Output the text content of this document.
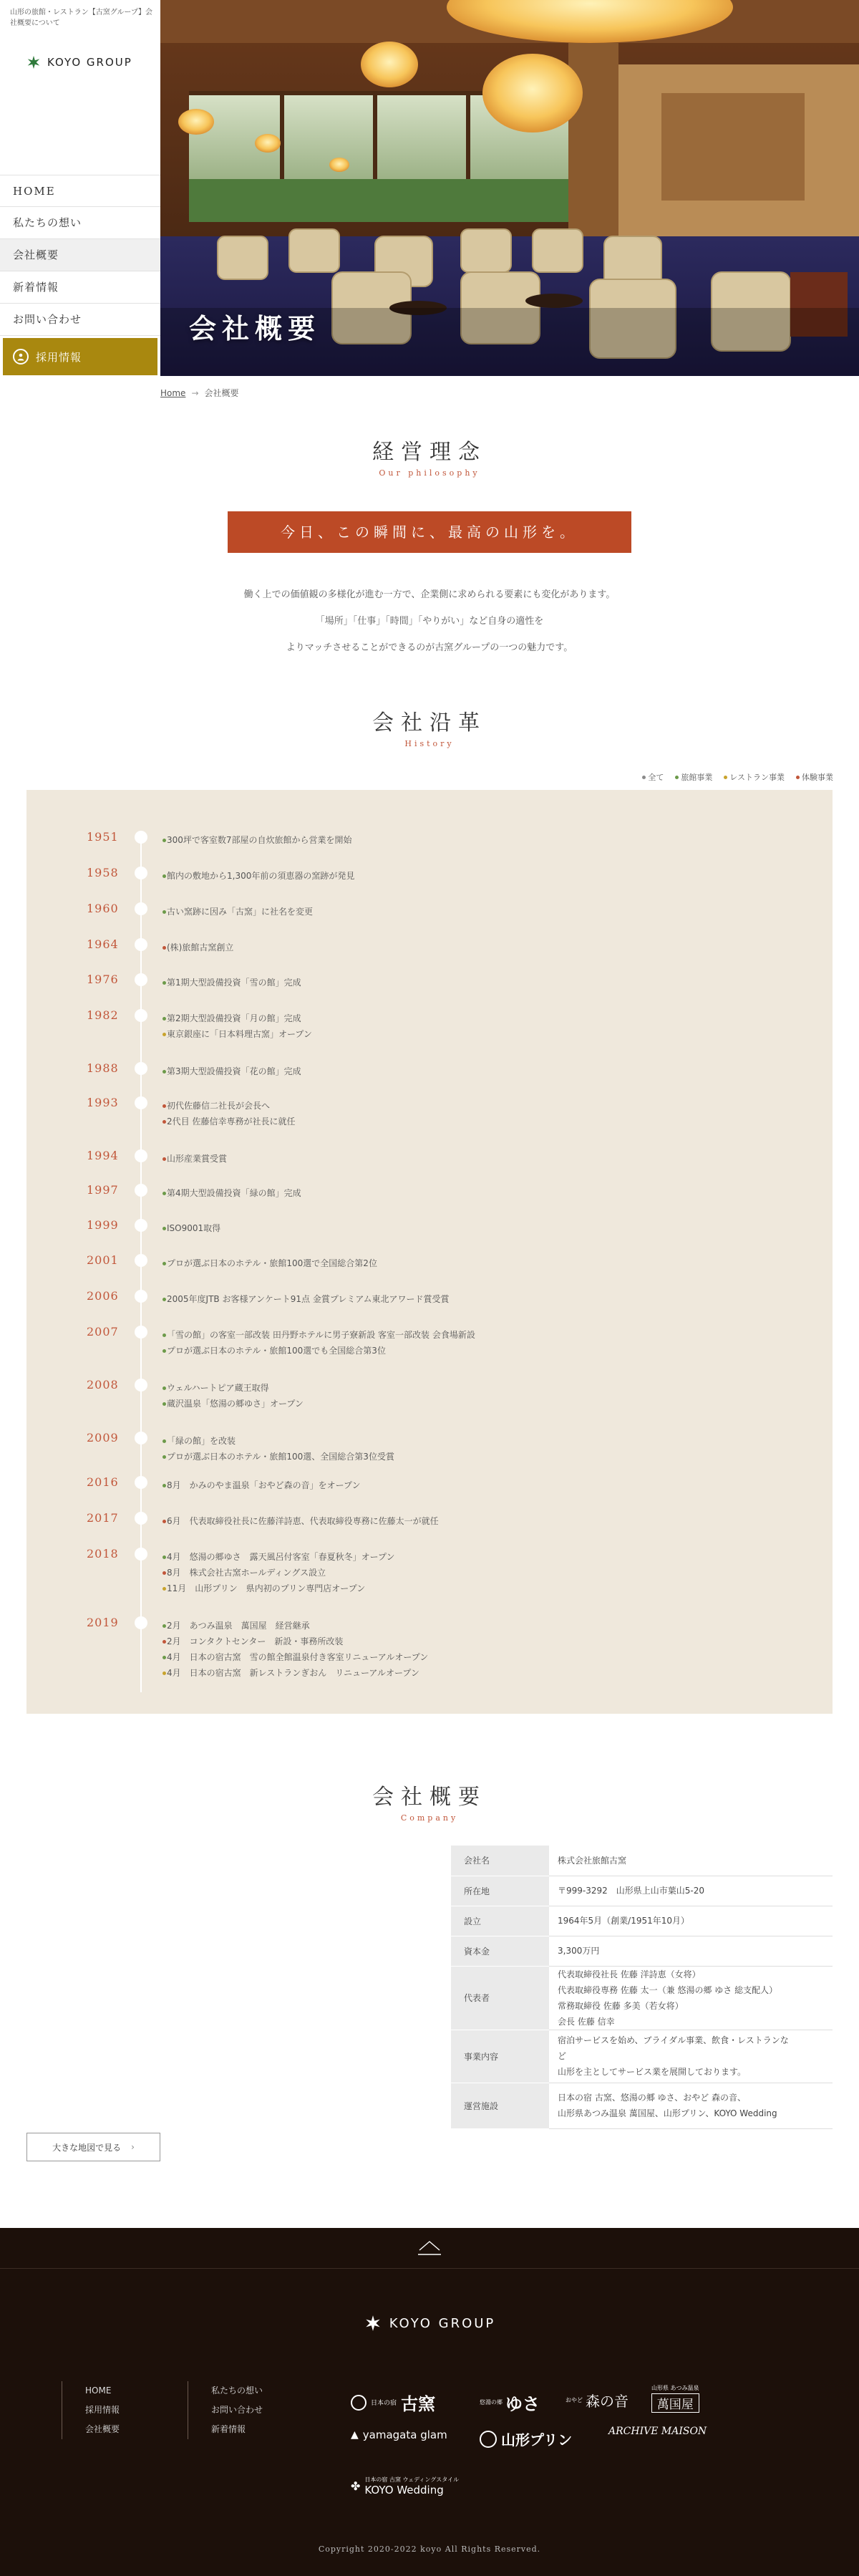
山形の旅館・レストラン【古窯グループ】会社概要について
KOYO GROUP
HOME
私たちの想い
会社概要
新着情報
お問い合わせ
採用情報
会社概要
Home → 会社概要
経営理念
Our philosophy
今日、この瞬間に、最高の山形を。
働く上での価値観の多様化が進む一方で、企業側に求められる要素にも変化があります。
「場所」「仕事」「時間」「やりがい」など自身の適性を
よりマッチさせることができるのが古窯グループの一つの魅力です。
会社沿革
History
全て 旅館事業 レストラン事業 体験事業
1951	300坪で客室数7部屋の自炊旅館から営業を開始
1958	館内の敷地から1,300年前の須恵器の窯跡が発見
1960	古い窯跡に因み「古窯」に社名を変更
1964	(株)旅館古窯創立
1976	第1期大型設備投資「雪の館」完成
1982	第2期大型設備投資「月の館」完成
東京銀座に「日本料理古窯」オープン
1988	第3期大型設備投資「花の館」完成
1993	初代佐藤信二社長が会長へ
2代目 佐藤信幸専務が社長に就任
1994	山形産業賞受賞
1997	第4期大型設備投資「緑の館」完成
1999	ISO9001取得
2001	プロが選ぶ日本のホテル・旅館100選で全国総合第2位
2006	2005年度JTB お客様アンケート91点 金賞プレミアム東北アワード賞受賞
2007	「雪の館」の客室一部改装 田丹野ホテルに男子寮新設 客室一部改装 会食場新設
プロが選ぶ日本のホテル・旅館100選でも全国総合第3位
2008	ウェルハートピア蔵王取得
蔵沢温泉「悠湯の郷ゆさ」オープン
2009	「緑の館」を改装
プロが選ぶ日本のホテル・旅館100選、全国総合第3位受賞
2016	8月　かみのやま温泉「おやど森の音」をオープン
2017	6月　代表取締役社長に佐藤洋詩恵、代表取締役専務に佐藤太一が就任
2018	4月　悠湯の郷ゆさ　露天風呂付客室「春夏秋冬」オープン
8月　株式会社古窯ホールディングス設立
11月　山形プリン　県内初のプリン専門店オープン
2019	2月　あつみ温泉　萬国屋　経営継承
2月　コンタクトセンター　新設・事務所改装
4月　日本の宿古窯　雪の館全館温泉付き客室リニューアルオープン
4月　日本の宿古窯　新レストランぎおん　リニューアルオープン
会社概要
Company
会社名	株式会社旅館古窯

所在地	〒999-3292　山形県上山市葉山5-20

設立	1964年5月（創業/1951年10月）

資本金	3,300万円

代表者	代表取締役社長 佐藤 洋詩恵（女将）
代表取締役専務 佐藤 太一（兼 悠湯の郷 ゆさ 総支配人）
常務取締役 佐藤 多美（若女将）
会長 佐藤 信幸

事業内容	宿泊サービスを始め、ブライダル事業、飲食・レストランな
ど
山形を主としてサービス業を展開しております。

運営施設	日本の宿 古窯、悠湯の郷 ゆさ、おやど 森の音、
山形県あつみ温泉 萬国屋、山形プリン、KOYO Wedding
大きな地図で見る ›
KOYO GROUP
HOME
採用情報
会社概要
私たちの想い
お問い合わせ
新着情報
日本の宿 古窯	悠湯の郷 ゆさ	おやど 森の音
山形県 あつみ温泉
萬国屋
▲ yamagata glam	山形プリン	ARCHIVE MAISON
✤ 日本の宿 古窯 ウェディングスタイル
KOYO Wedding
Copyright 2020-2022 koyo All Rights Reserved.
